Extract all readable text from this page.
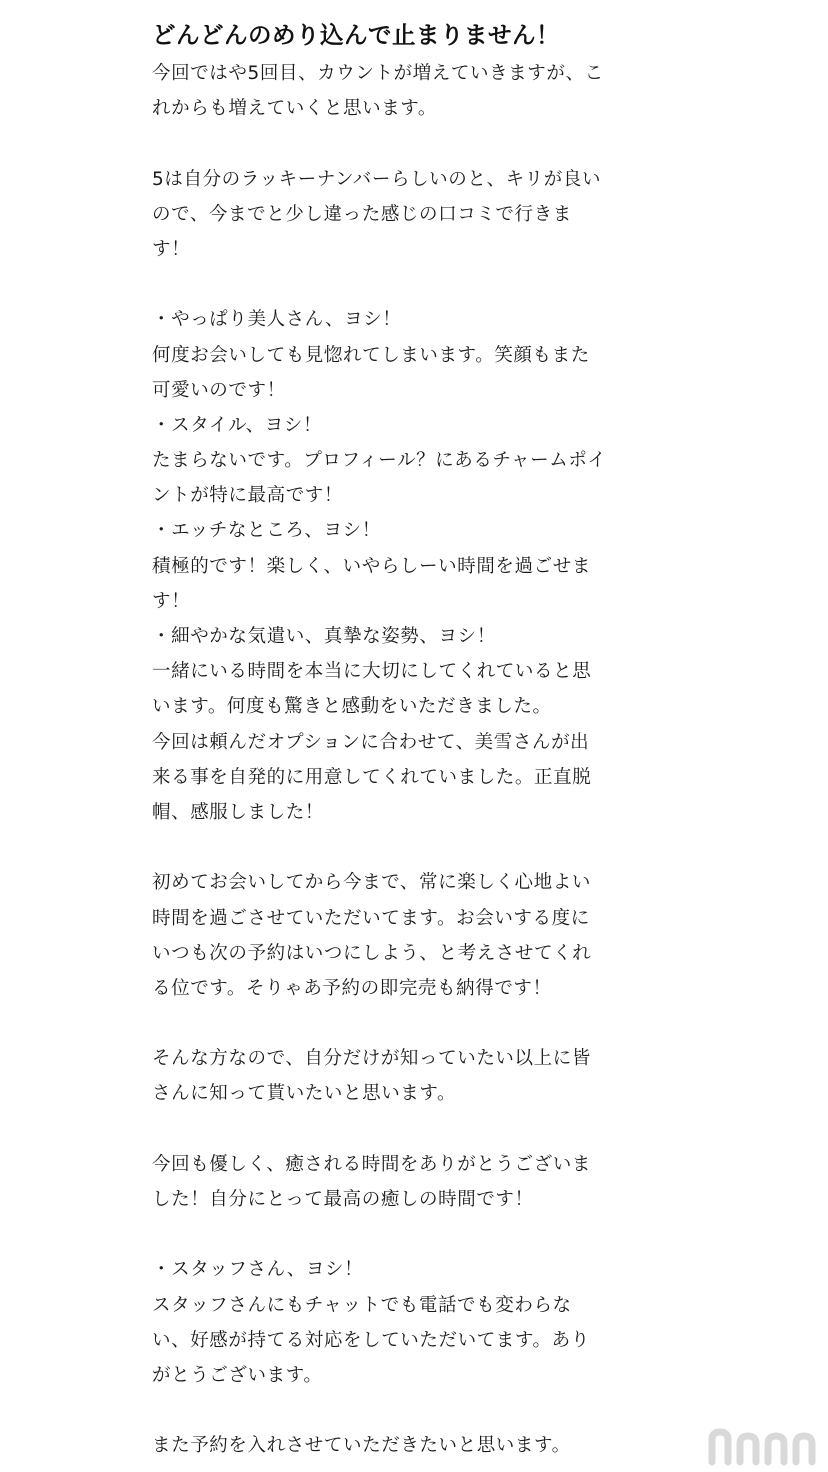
どんどんのめり込んで止まりません！
今回ではや5回目、カウントが増えていきますが、こ
れからも増えていくと思います。
5は自分のラッキーナンバーらしいのと、キリが良い
ので、今までと少し違った感じの口コミで行きま
す！
・やっぱり美人さん、ヨシ！
何度お会いしても見惚れてしまいます。笑顔もまた
可愛いのです！
・スタイル、ヨシ！
たまらないです。プロフィール？にあるチャームポイ
ントが特に最高です！
・エッチなところ、ヨシ！
積極的です！楽しく、いやらしーい時間を過ごせま
す！
・細やかな気遣い、真摯な姿勢、ヨシ！
一緒にいる時間を本当に大切にしてくれていると思
います。何度も驚きと感動をいただきました。
今回は頼んだオプションに合わせて、美雪さんが出
来る事を自発的に用意してくれていました。正直脱
帽、感服しました！
初めてお会いしてから今まで、常に楽しく心地よい
時間を過ごさせていただいてます。お会いする度に
いつも次の予約はいつにしよう、と考えさせてくれ
る位です。そりゃあ予約の即完売も納得です！
そんな方なので、自分だけが知っていたい以上に皆
さんに知って貰いたいと思います。
今回も優しく、癒される時間をありがとうございま
した！自分にとって最高の癒しの時間です！
・スタッフさん、ヨシ！
スタッフさんにもチャットでも電話でも変わらな
い、好感が持てる対応をしていただいてます。あり
がとうございます。
また予約を入れさせていただきたいと思います。
